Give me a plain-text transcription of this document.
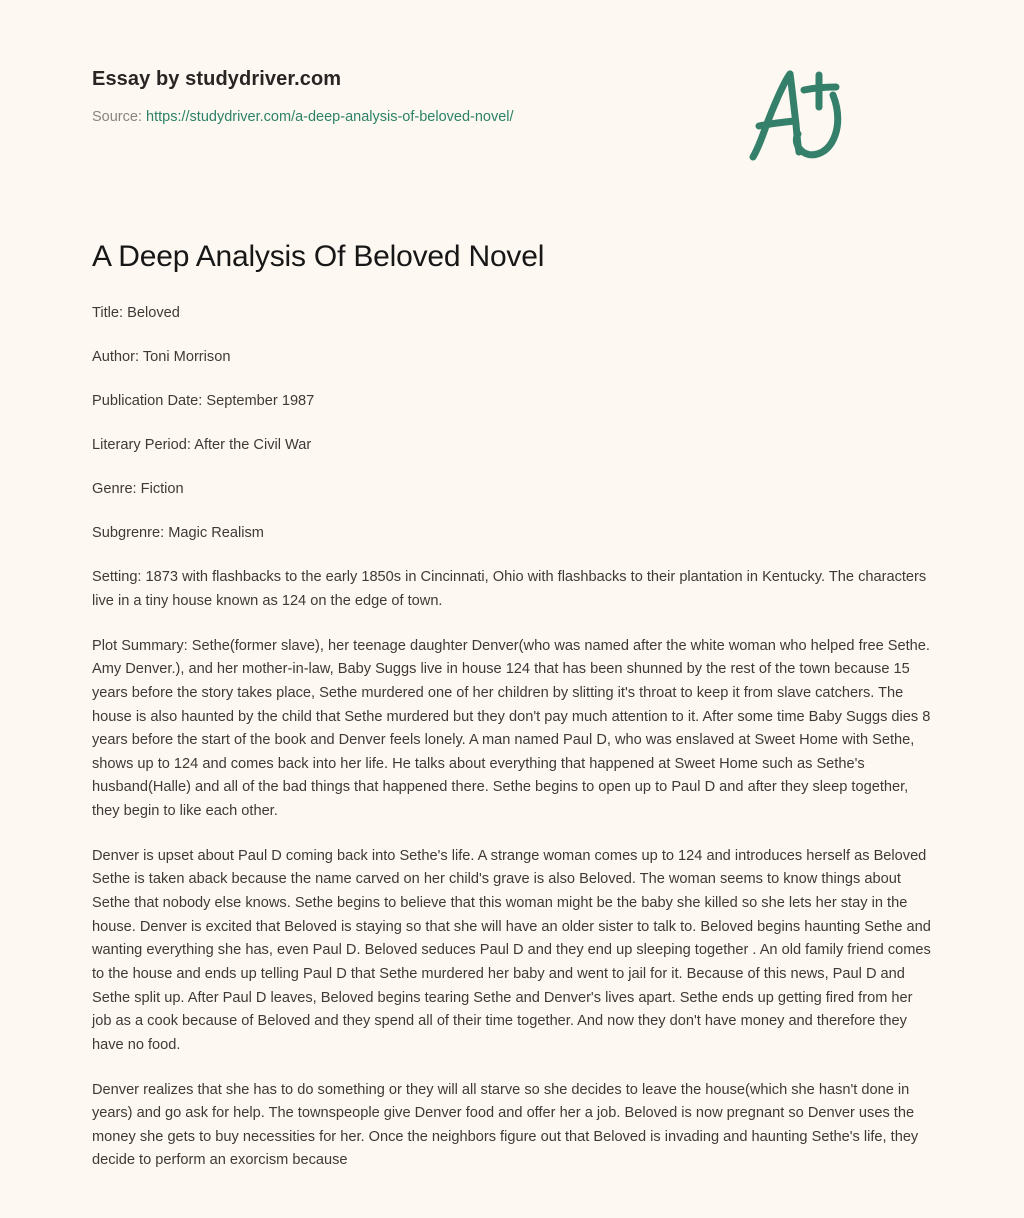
Essay by studydriver.com
Source: https://studydriver.com/a-deep-analysis-of-beloved-novel/
A Deep Analysis Of Beloved Novel

Title: Beloved

Author: Toni Morrison

Publication Date: September 1987

Literary Period: After the Civil War

Genre: Fiction

Subgrenre: Magic Realism

Setting: 1873 with flashbacks to the early 1850s in Cincinnati, Ohio with flashbacks to their plantation in Kentucky. The characters live in a tiny house known as 124 on the edge of town.

Plot Summary: Sethe(former slave), her teenage daughter Denver(who was named after the white woman who helped free Sethe. Amy Denver.), and her mother-in-law, Baby Suggs live in house 124 that has been shunned by the rest of the town because 15 years before the story takes place, Sethe murdered one of her children by slitting it's throat to keep it from slave catchers. The house is also haunted by the child that Sethe murdered but they don't pay much attention to it. After some time Baby Suggs dies 8 years before the start of the book and Denver feels lonely. A man named Paul D, who was enslaved at Sweet Home with Sethe, shows up to 124 and comes back into her life. He talks about everything that happened at Sweet Home such as Sethe's husband(Halle) and all of the bad things that happened there. Sethe begins to open up to Paul D and after they sleep together, they begin to like each other.

Denver is upset about Paul D coming back into Sethe's life. A strange woman comes up to 124 and introduces herself as Beloved Sethe is taken aback because the name carved on her child's grave is also Beloved. The woman seems to know things about Sethe that nobody else knows. Sethe begins to believe that this woman might be the baby she killed so she lets her stay in the house. Denver is excited that Beloved is staying so that she will have an older sister to talk to. Beloved begins haunting Sethe and wanting everything she has, even Paul D. Beloved seduces Paul D and they end up sleeping together . An old family friend comes to the house and ends up telling Paul D that Sethe murdered her baby and went to jail for it. Because of this news, Paul D and Sethe split up. After Paul D leaves, Beloved begins tearing Sethe and Denver's lives apart. Sethe ends up getting fired from her job as a cook because of Beloved and they spend all of their time together. And now they don't have money and therefore they have no food.

Denver realizes that she has to do something or they will all starve so she decides to leave the house(which she hasn't done in years) and go ask for help. The townspeople give Denver food and offer her a job. Beloved is now pregnant so Denver uses the money she gets to buy necessities for her. Once the neighbors figure out that Beloved is invading and haunting Sethe's life, they decide to perform an exorcism because
